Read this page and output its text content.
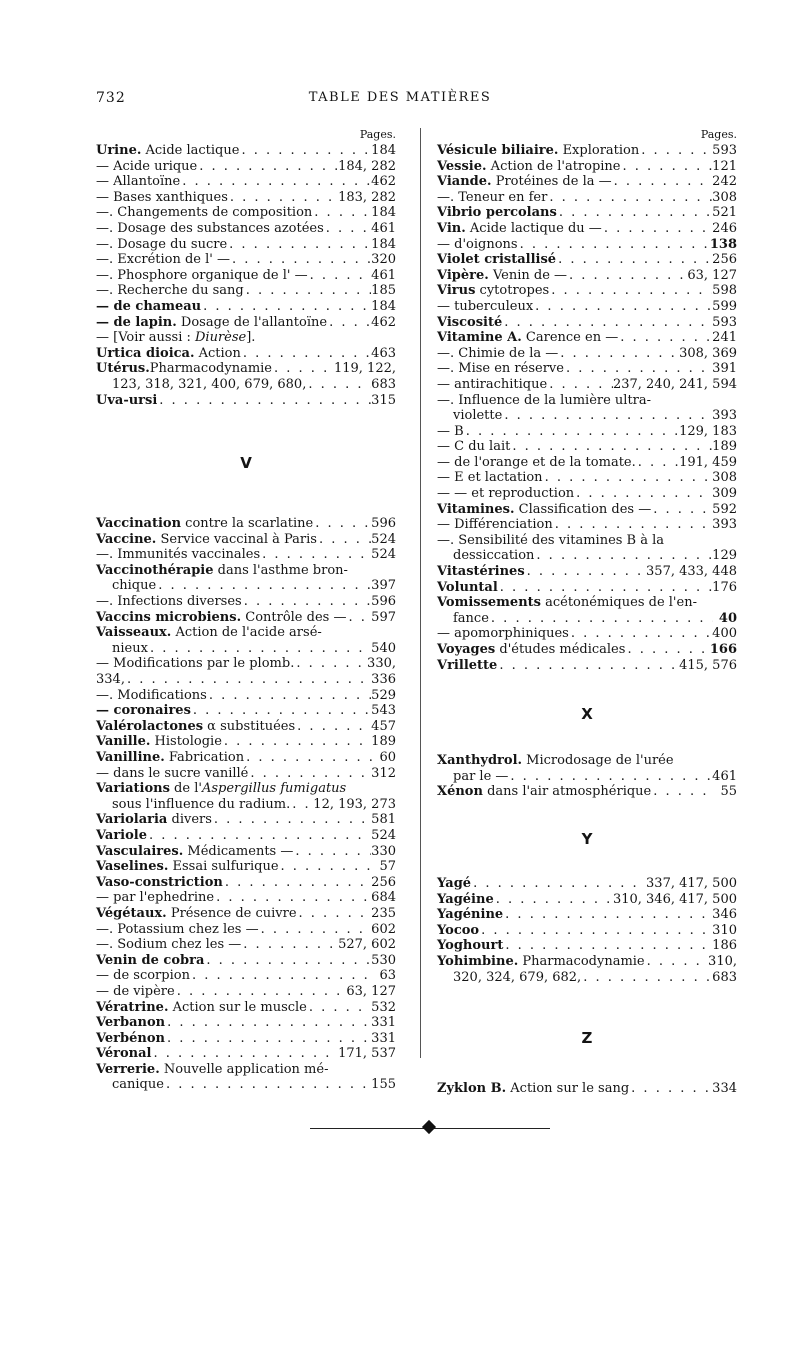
732	TABLE DES MATIÈRES
Pages.
Urine. Acide lactique . . .	184
— Acide urique . . .	184, 282
— Allantoïne . . .	462
— Bases xanthiques . . .	183, 282
—. Changements de composition . . .	184
—. Dosage des substances azotées . . .	461
—. Dosage du sucre . . .	184
—. Excrétion de l' — . . .	320
—. Phosphore organique de l' — . . .	461
—. Recherche du sang . . .	185
— de chameau . . .	184
— de lapin. Dosage de l'allantoïne . . .	462
— [Voir aussi : Diurèse].
Urtica dioica. Action . . .	463
Utérus.Pharmacodynamie . . .	119, 122,
123, 318, 321, 400, 679, 680, . . .	683
Uva-ursi . . .	315
V
Vaccination contre la scarlatine . . .	596
Vaccine. Service vaccinal à Paris . . .	524
—. Immunités vaccinales . . .	524
Vaccinothérapie dans l'asthme bron-
chique . . .	397
—. Infections diverses . . .	596
Vaccins microbiens. Contrôle des — . . . 597
Vaisseaux. Action de l'acide arsé-
nieux . . .	540
— Modifications par le plomb. . . .	330,
334, . . .	336
—. Modifications . . .	529
— coronaires . . .	543
Valérolactones α substituées . . .	457
Vanille. Histologie . . .	189
Vanilline. Fabrication . . .	60
— dans le sucre vanillé . . .	312
Variations de l'Aspergillus fumigatus
sous l'influence du radium. . . . 12, 193, 273
Variolaria divers . . .	581
Variole . . .	524
Vasculaires. Médicaments — . . .	330
Vaselines. Essai sulfurique . . .	57
Vaso-constriction . . .	256
— par l'ephedrine . . .	684
Végétaux. Présence de cuivre . . .	235
—. Potassium chez les — . . .	602
—. Sodium chez les — . . .	527, 602
Venin de cobra . . .	530
— de scorpion . . .	63
— de vipère . . .	63, 127
Vératrine. Action sur le muscle . . .	532
Verbanon . . .	331
Verbénon . . .	331
Véronal . . .	171, 537
Verrerie. Nouvelle application mé-
canique . . .	155
Pages.
Vésicule biliaire. Exploration . . .	593
Vessie. Action de l'atropine . . .	121
Viande. Protéines de la — . . .	242
—. Teneur en fer . . .	308
Vibrio percolans . . .	521
Vin. Acide lactique du — . . .	246
— d'oignons . . .	138
Violet cristallisé . . .	256
Vipère. Venin de — . . .	63, 127
Virus cytotropes . . .	598
— tuberculeux . . .	599
Viscosité . . .	593
Vitamine A. Carence en — . . .	241
—. Chimie de la — . . .	308, 369
—. Mise en réserve . . .	391
— antirachitique . . .	237, 240, 241, 594
—. Influence de la lumière ultra-
violette . . .	393
— B . . .	129, 183
— C du lait . . .	189
— de l'orange et de la tomate. . . .	191, 459
— E et lactation . . .	308
— — et reproduction . . .	309
Vitamines. Classification des — . . .	592
— Différenciation . . .	393
—. Sensibilité des vitamines B à la
dessiccation . . .	129
Vitastérines . . .	357, 433, 448
Voluntal . . .	176
Vomissements acétonémiques de l'en-
fance . . .	40
— apomorphiniques . . .	400
Voyages d'études médicales . . .	166
Vrillette . . .	415, 576
X
Xanthydrol. Microdosage de l'urée
par le — . . .	461
Xénon dans l'air atmosphérique . . .	55
Y
Yagé . . .	337, 417, 500
Yagéine . . .	310, 346, 417, 500
Yagénine . . .	346
Yocoo . . .	310
Yoghourt . . .	186
Yohimbine. Pharmacodynamie . . .	310,
320, 324, 679, 682, . . .	683
Z
Zyklon B. Action sur le sang . . .	334
